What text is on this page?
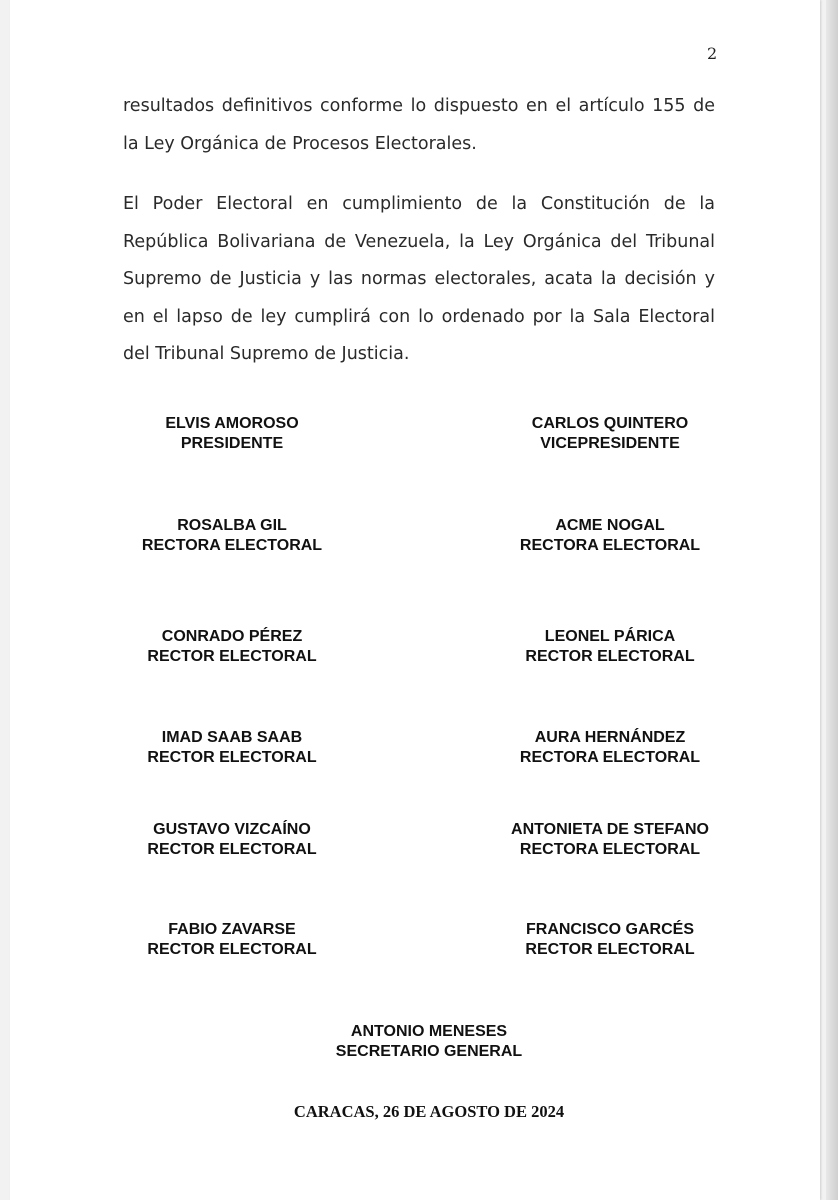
2

resultados definitivos conforme lo dispuesto en el artículo 155 de la Ley Orgánica de Procesos Electorales.

El Poder Electoral en cumplimiento de la Constitución de la República Bolivariana de Venezuela, la Ley Orgánica del Tribunal Supremo de Justicia y las normas electorales, acata la decisión y en el lapso de ley cumplirá con lo ordenado por la Sala Electoral del Tribunal Supremo de Justicia.

ELVIS AMOROSO
PRESIDENTE
CARLOS QUINTERO
VICEPRESIDENTE
ROSALBA GIL
RECTORA ELECTORAL
ACME NOGAL
RECTORA ELECTORAL
CONRADO PÉREZ
RECTOR ELECTORAL
LEONEL PÁRICA
RECTOR ELECTORAL
IMAD SAAB SAAB
RECTOR ELECTORAL
AURA HERNÁNDEZ
RECTORA ELECTORAL
GUSTAVO VIZCAÍNO
RECTOR ELECTORAL
ANTONIETA DE STEFANO
RECTORA ELECTORAL
FABIO ZAVARSE
RECTOR ELECTORAL
FRANCISCO GARCÉS
RECTOR ELECTORAL
ANTONIO MENESES
SECRETARIO GENERAL
CARACAS, 26 DE AGOSTO DE 2024
